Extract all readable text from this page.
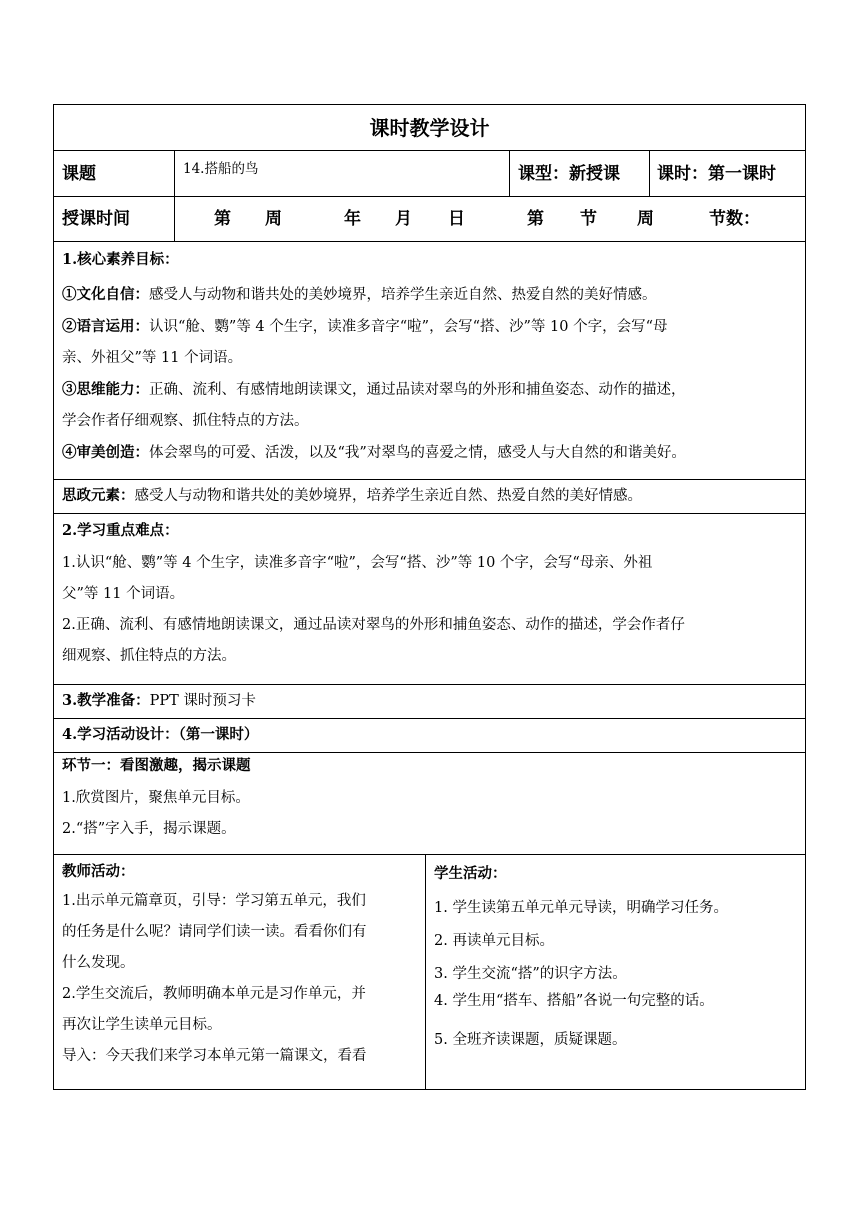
课时教学设计
课题	14.搭船的鸟	课型：新授课 课时：第一课时
授课时间	第 周	年 月 日	第 节 周	节数：
1.核心素养目标：
①文化自信：感受人与动物和谐共处的美妙境界，培养学生亲近自然、热爱自然的美好情感。
②语言运用：认识“舱、鹦”等 4 个生字，读准多音字“啦”，会写“搭、沙”等 10 个字，会写“母
亲、外祖父”等 11 个词语。
③思维能力：正确、流利、有感情地朗读课文，通过品读对翠鸟的外形和捕鱼姿态、动作的描述，
学会作者仔细观察、抓住特点的方法。
④审美创造：体会翠鸟的可爱、活泼，以及“我”对翠鸟的喜爱之情，感受人与大自然的和谐美好。
思政元素：感受人与动物和谐共处的美妙境界，培养学生亲近自然、热爱自然的美好情感。
2.学习重点难点：
1.认识“舱、鹦”等 4 个生字，读准多音字“啦”，会写“搭、沙”等 10 个字，会写“母亲、外祖
父”等 11 个词语。
2.正确、流利、有感情地朗读课文，通过品读对翠鸟的外形和捕鱼姿态、动作的描述，学会作者仔
细观察、抓住特点的方法。
3.教学准备：PPT 课时预习卡
4.学习活动设计：（第一课时）
环节一：看图激趣，揭示课题
1.欣赏图片，聚焦单元目标。
2.“搭”字入手，揭示课题。
教师活动：
1.出示单元篇章页，引导：学习第五单元，我们
的任务是什么呢？请同学们读一读。看看你们有
什么发现。
2.学生交流后，教师明确本单元是习作单元，并
再次让学生读单元目标。
导入：今天我们来学习本单元第一篇课文，看看
学生活动：
1. 学生读第五单元单元导读，明确学习任务。
2. 再读单元目标。
3. 学生交流“搭”的识字方法。
4. 学生用“搭车、搭船”各说一句完整的话。
5. 全班齐读课题，质疑课题。
